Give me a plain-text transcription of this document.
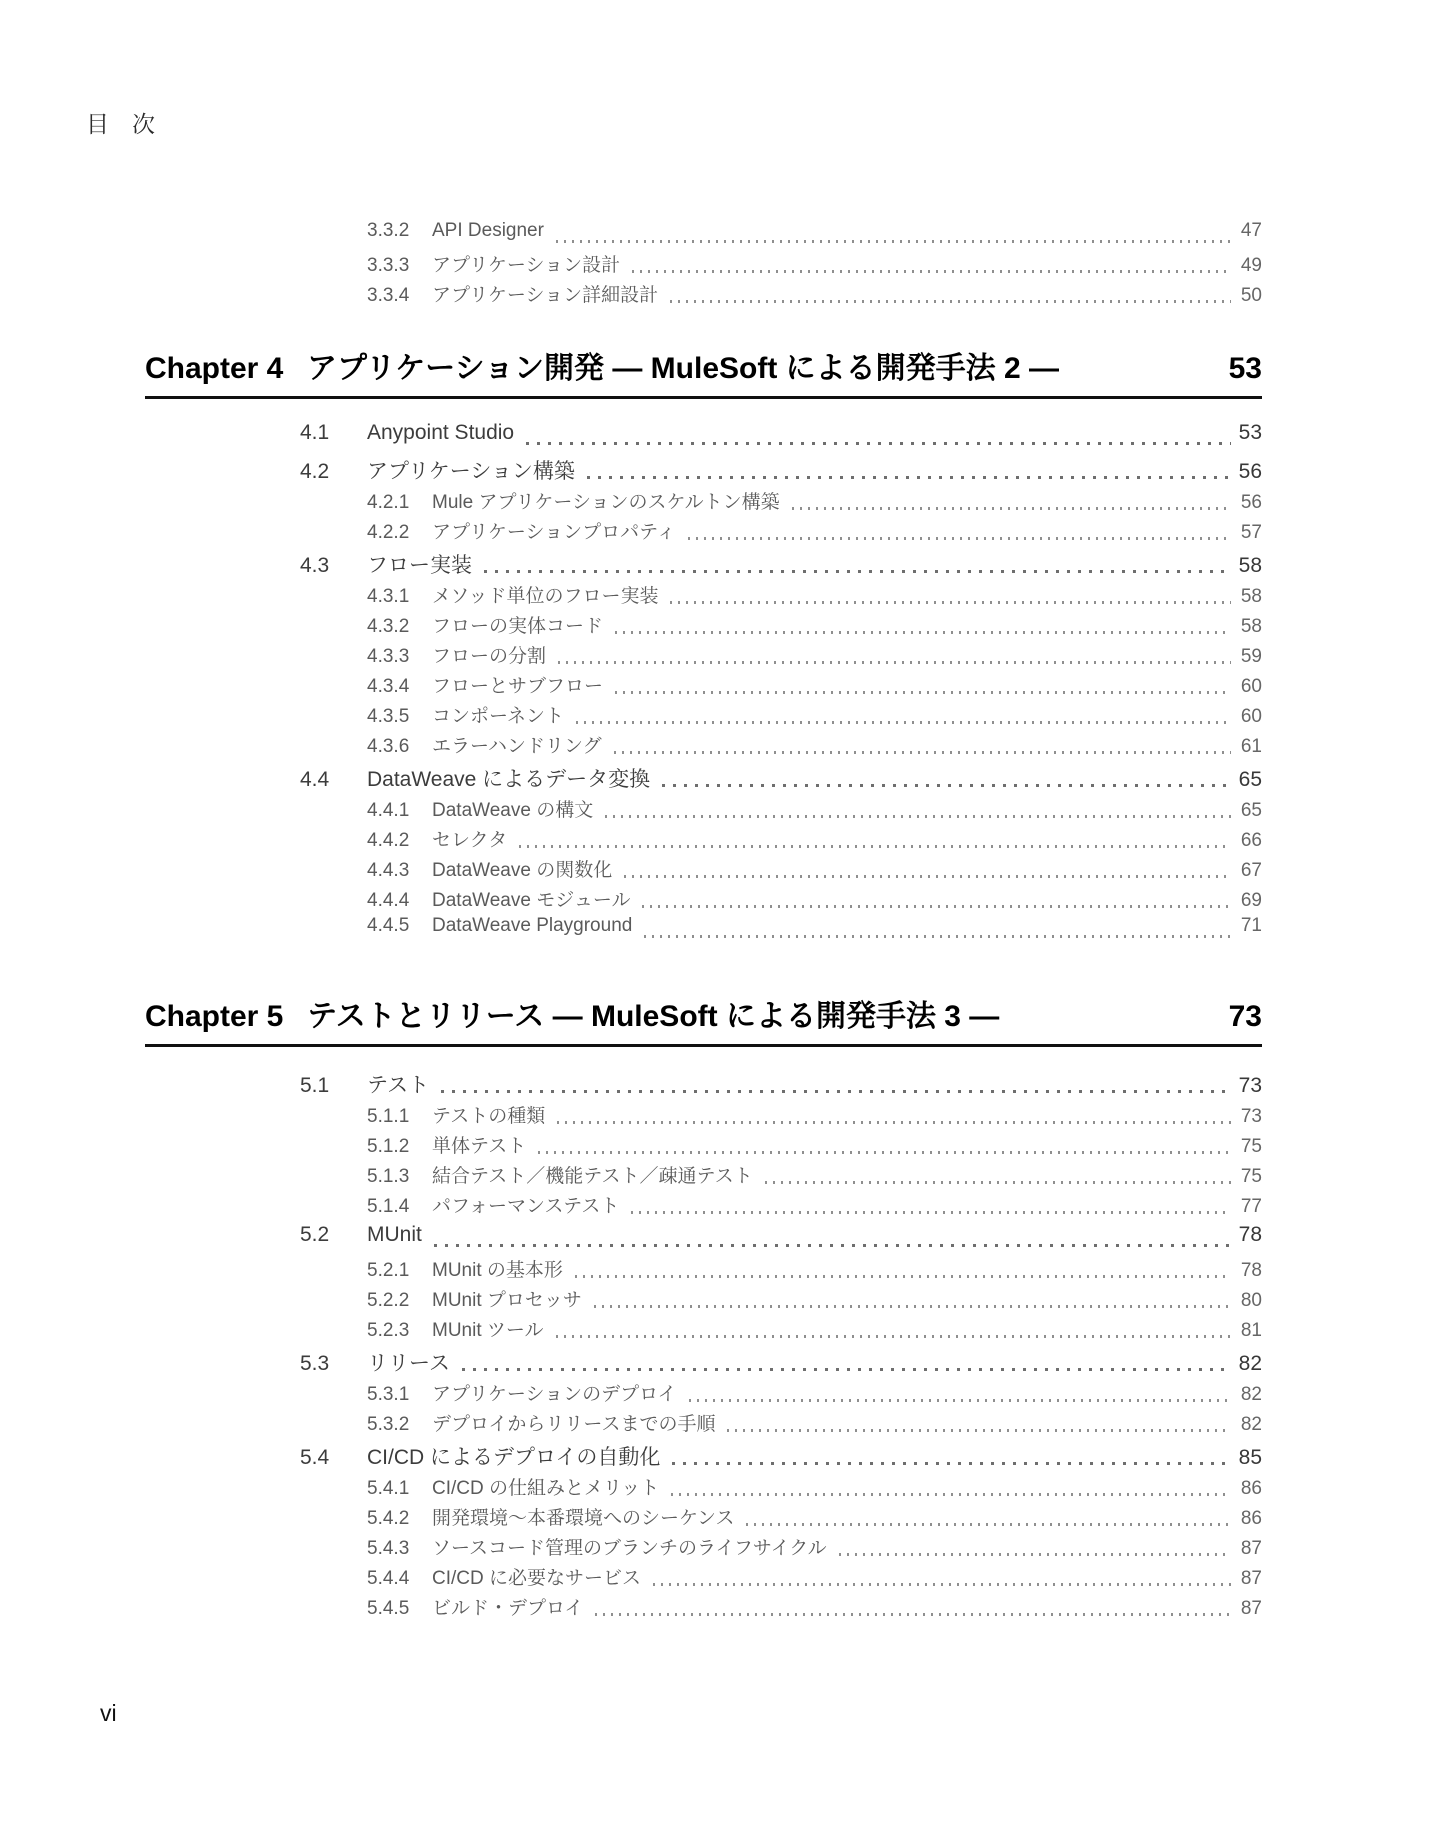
目　次
3.3.2	API Designer	47
3.3.3	アプリケーション設計	49
3.3.4	アプリケーション詳細設計	50
Chapter 4 アプリケーション開発 — MuleSoft による開発手法 2 —	53
4.1	Anypoint Studio	53
4.2	アプリケーション構築	56
4.2.1	Mule アプリケーションのスケルトン構築	56
4.2.2	アプリケーションプロパティ	57
4.3	フロー実装	58
4.3.1	メソッド単位のフロー実装	58
4.3.2	フローの実体コード	58
4.3.3	フローの分割	59
4.3.4	フローとサブフロー	60
4.3.5	コンポーネント	60
4.3.6	エラーハンドリング	61
4.4	DataWeave によるデータ変換	65
4.4.1	DataWeave の構文	65
4.4.2	セレクタ	66
4.4.3	DataWeave の関数化	67
4.4.4	DataWeave モジュール	69
4.4.5	DataWeave Playground	71
Chapter 5 テストとリリース — MuleSoft による開発手法 3 —	73
5.1	テスト	73
5.1.1	テストの種類	73
5.1.2	単体テスト	75
5.1.3	結合テスト／機能テスト／疎通テスト	75
5.1.4	パフォーマンステスト	77
5.2	MUnit	78
5.2.1	MUnit の基本形	78
5.2.2	MUnit プロセッサ	80
5.2.3	MUnit ツール	81
5.3	リリース	82
5.3.1	アプリケーションのデプロイ	82
5.3.2	デプロイからリリースまでの手順	82
5.4	CI/CD によるデプロイの自動化	85
5.4.1	CI/CD の仕組みとメリット	86
5.4.2	開発環境〜本番環境へのシーケンス	86
5.4.3	ソースコード管理のブランチのライフサイクル	87
5.4.4	CI/CD に必要なサービス	87
5.4.5	ビルド・デプロイ	87
vi
